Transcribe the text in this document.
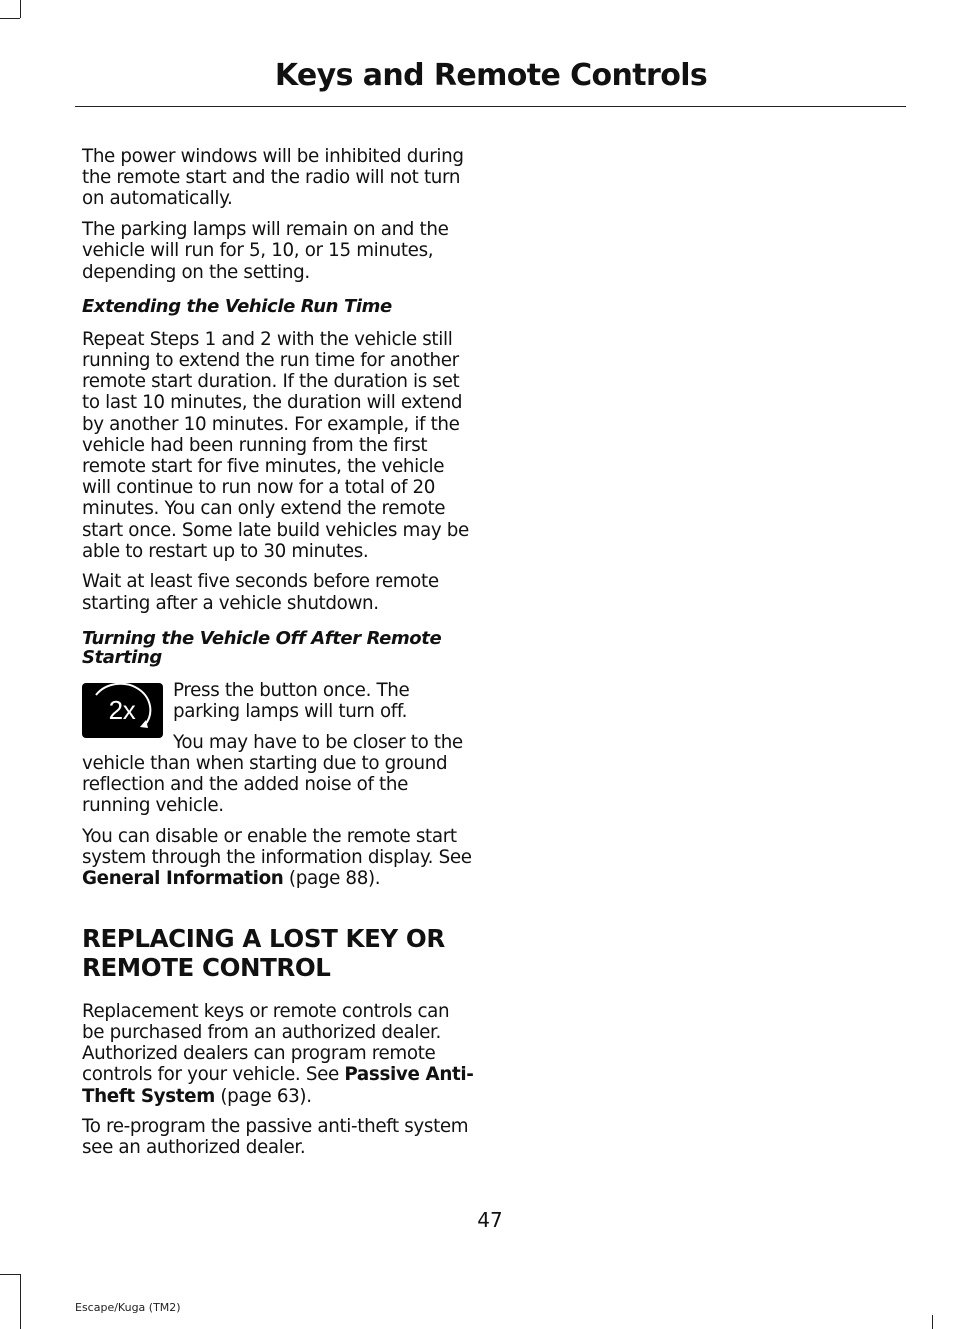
Keys and Remote Controls

The power windows will be inhibited during the remote start and the radio will not turn on automatically.

The parking lamps will remain on and the vehicle will run for 5, 10, or 15 minutes, depending on the setting.

Extending the Vehicle Run Time

Repeat Steps 1 and 2 with the vehicle still running to extend the run time for another remote start duration. If the duration is set to last 10 minutes, the duration will extend by another 10 minutes. For example, if the vehicle had been running from the first remote start for five minutes, the vehicle will continue to run now for a total of 20 minutes. You can only extend the remote start once. Some late build vehicles may be able to restart up to 30 minutes.

Wait at least five seconds before remote starting after a vehicle shutdown.

Turning the Vehicle Off After Remote Starting
2x

Press the button once. The parking lamps will turn off.

You may have to be closer to the vehicle than when starting due to ground reflection and the added noise of the running vehicle.

You can disable or enable the remote start system through the information display. See General Information (page 88).

REPLACING A LOST KEY OR REMOTE CONTROL

Replacement keys or remote controls can be purchased from an authorized dealer. Authorized dealers can program remote controls for your vehicle. See Passive Anti-Theft System (page 63).

To re-program the passive anti-theft system see an authorized dealer.

47
Escape/Kuga (TM2)
